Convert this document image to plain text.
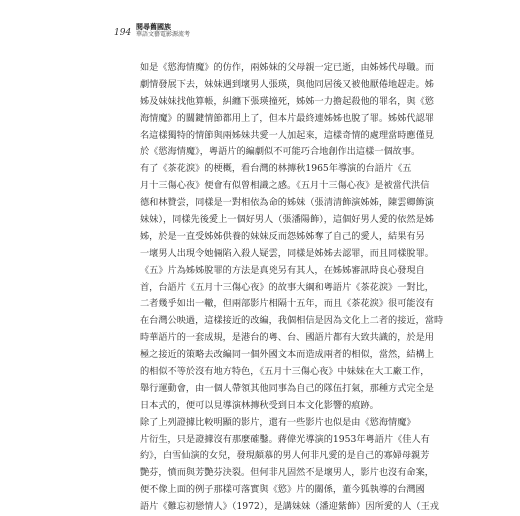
194
閱尋舊國族
華語文藝電影源流考
如是《慾海情魔》的仿作，兩姊妹的父母親一定已逝，由姊姊代母職。而
劇情發展下去，妹妹遇到壞男人張瑛，與他同居後又被他厭倦地趕走。姊
姊及妹妹找他算帳，糾纏下張瑛撞死，姊姊一力擔起殺他的罪名，與《慾
海情魔》的關鍵情節都用上了，但本片最終連姊姊也脫了罪。姊姊代認罪
名這樣獨特的情節與兩姊妹共愛一人加起來，這樣奇情的處理當時應僅見
於《慾海情魔》，粵語片的編劇似不可能巧合地創作出這樣一個故事。
有了《茶花淚》的梗概，看台灣的林摶秋1965年導演的台語片《五
月十三傷心夜》便會有似曾相識之感。《五月十三傷心夜》是被當代洪信
德和林贊尝，同樣是一對相依為命的姊妹（張清清飾演姊姊，陳雲卿飾演
妹妹），同樣先後愛上一個好男人（張潘陽飾），這個好男人愛的依然是姊
姊，於是一直受姊姊供養的妹妹反而怨姊姊奪了自己的愛人，結果有另
一壞男人出現令她倆陷入殺人疑雲，同樣是姊姊去認罪，而且同樣脫罪。
《五》片為姊姊脫罪的方法是真兇另有其人，在姊姊審訊時良心發現自
首，台語片《五月十三傷心夜》的故事大綱和粵語片《茶花淚》一對比，
二者幾乎如出一轍，但兩部影片相隔十五年，而且《茶花淚》很可能沒有
在台灣公映過，這樣接近的改編，我個相信是因為文化上二者的接近，當時
時華語片的一套成規，是港台的粵、台、國語片都有大致共識的，於是用
極之接近的策略去改編同一個外國文本而造成兩者的相似，當然，結構上
的相似不等於沒有地方特色，《五月十三傷心夜》中妹妹在大工廠工作，
舉行運動會，由一個人帶領其他同事為自己的隊伍打氣，那種方式完全是
日本式的，便可以見導演林摶秋受到日本文化影響的痕跡。
除了上列證據比較明顯的影片，還有一些影片也似是由《慾海情魔》
片衍生，只是證據沒有那麼確鑿。蔣偉光導演的1953年粵語片《佳人有
約》，白雪仙演的女兒，發現頗慕的男人何非凡愛的是自己的寡婦母親芳
艷芬，憤而與芳艷芬決裂。但何非凡固然不是壞男人，影片也沒有命案，
便不像上面的例子那樣可落實與《慾》片的關係，董今狐執導的台灣國
語片《難忘初戀情人》（1972），是講妹妹（潘迎紫飾）因所愛的人（王戎
